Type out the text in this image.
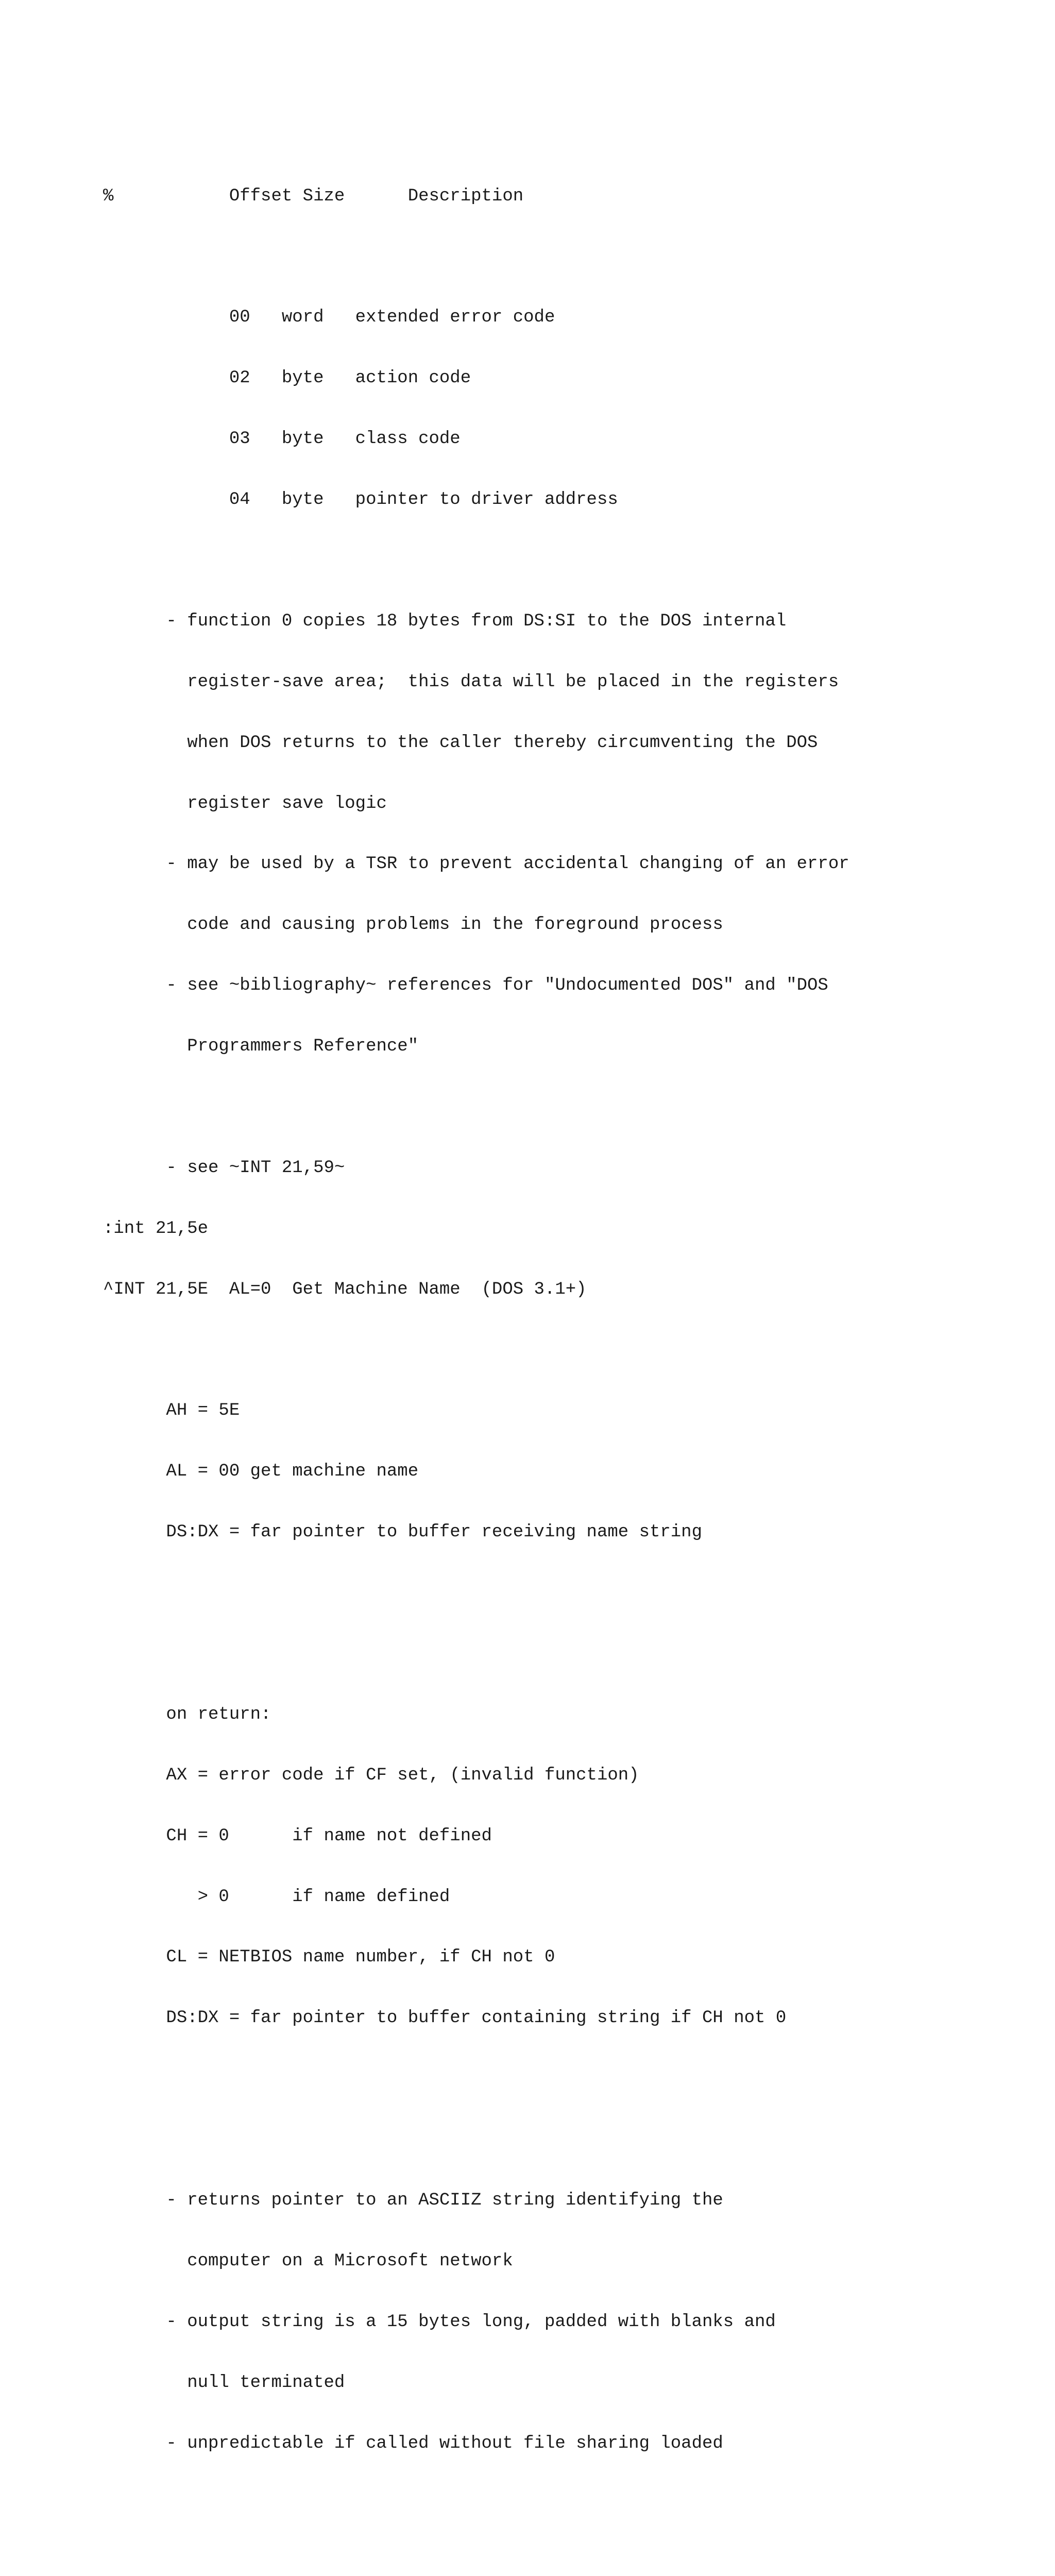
%           Offset Size      Description

00   word   extended error code

02   byte   action code

03   byte   class code

04   byte   pointer to driver address

- function 0 copies 18 bytes from DS:SI to the DOS internal

register-save area;  this data will be placed in the registers

when DOS returns to the caller thereby circumventing the DOS

register save logic

- may be used by a TSR to prevent accidental changing of an error

code and causing problems in the foreground process

- see ~bibliography~ references for "Undocumented DOS" and "DOS

Programmers Reference"

- see ~INT 21,59~

:int 21,5e

^INT 21,5E  AL=0  Get Machine Name  (DOS 3.1+)

AH = 5E

AL = 00 get machine name

DS:DX = far pointer to buffer receiving name string

on return:

AX = error code if CF set, (invalid function)

CH = 0      if name not defined

> 0      if name defined

CL = NETBIOS name number, if CH not 0

DS:DX = far pointer to buffer containing string if CH not 0

- returns pointer to an ASCIIZ string identifying the

computer on a Microsoft network

- output string is a 15 bytes long, padded with blanks and

null terminated

- unpredictable if called without file sharing loaded
